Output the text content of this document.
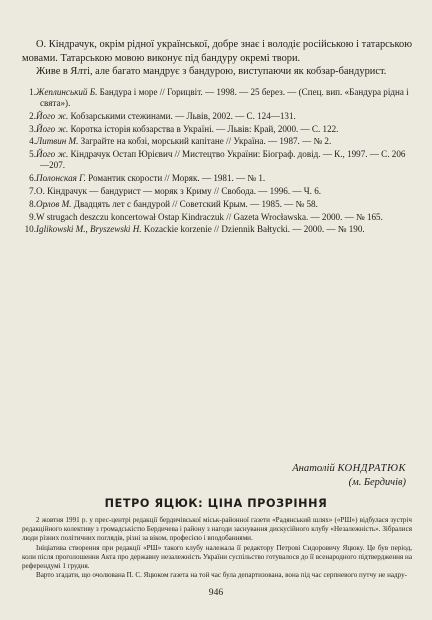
О. Кіндрачук, окрім рідної української, добре знає і володіє російською і татарською мовами. Татарською мовою виконує під бандуру окремі твори.

Живе в Ялті, але багато мандрує з бандурою, виступаючи як кобзар-бандурист.

1. Жеплинський Б. Бандура і море // Горицвіт. — 1998. — 25 берез. — (Спец. вип. «Бандура рідна і свята»).
2. Його ж. Кобзарськими стежинами. — Львів, 2002. — С. 124—131.
3. Його ж. Коротка історія кобзарства в Україні. — Львів: Край, 2000. — С. 122.
4. Литвин М. Заграйте на кобзі, морський капітане // Україна. — 1987. — № 2.
5. Його ж. Кіндрачук Остап Юрієвич // Мистецтво України: Біограф. довід. — К., 1997. — С. 206—207.
6. Полонская Г. Романтик скорости // Моряк. — 1981. — № 1.
7. О. Кіндрачук — бандурист — моряк з Криму // Свобода. — 1996. — Ч. 6.
8. Орлов М. Двадцять лет с бандурой // Советский Крым. — 1985. — № 58.
9. W strugach deszczu koncertował Ostap Kindraczuk // Gazeta Wrocławska. — 2000. — № 165.
10. Iglikowski M., Bryszewski H. Kozackie korzenie // Dziennik Bałtycki. — 2000. — № 190.
Анатолій КОНДРАТЮК
(м. Бердичів)
ПЕТРО ЯЦЮК: ЦІНА ПРОЗРІННЯ

2 жовтня 1991 р. у прес-центрі редакції бердичівської міськ-районної газети «Радянський шлях» («РШ») відбулася зустріч редакційного колективу з громадськістю Бердичева і району з нагоди заснування дискусійного клубу «Незалежність». Зібралися люди різних політичних поглядів, різні за віком, професією і вподобаннями.

Ініціатива створення при редакції «РШ» такого клубу належала її редактору Петрові Сидоровичу Яцюку. Це був період, коли після проголошення Акта про державну незалежність України суспільство готувалося до її всенародного підтвердження на референдумі 1 грудня.

Варто згадати, що очолювана П. С. Яцюком газета на той час була департизована, вона під час серпневого путчу не надру-

946
